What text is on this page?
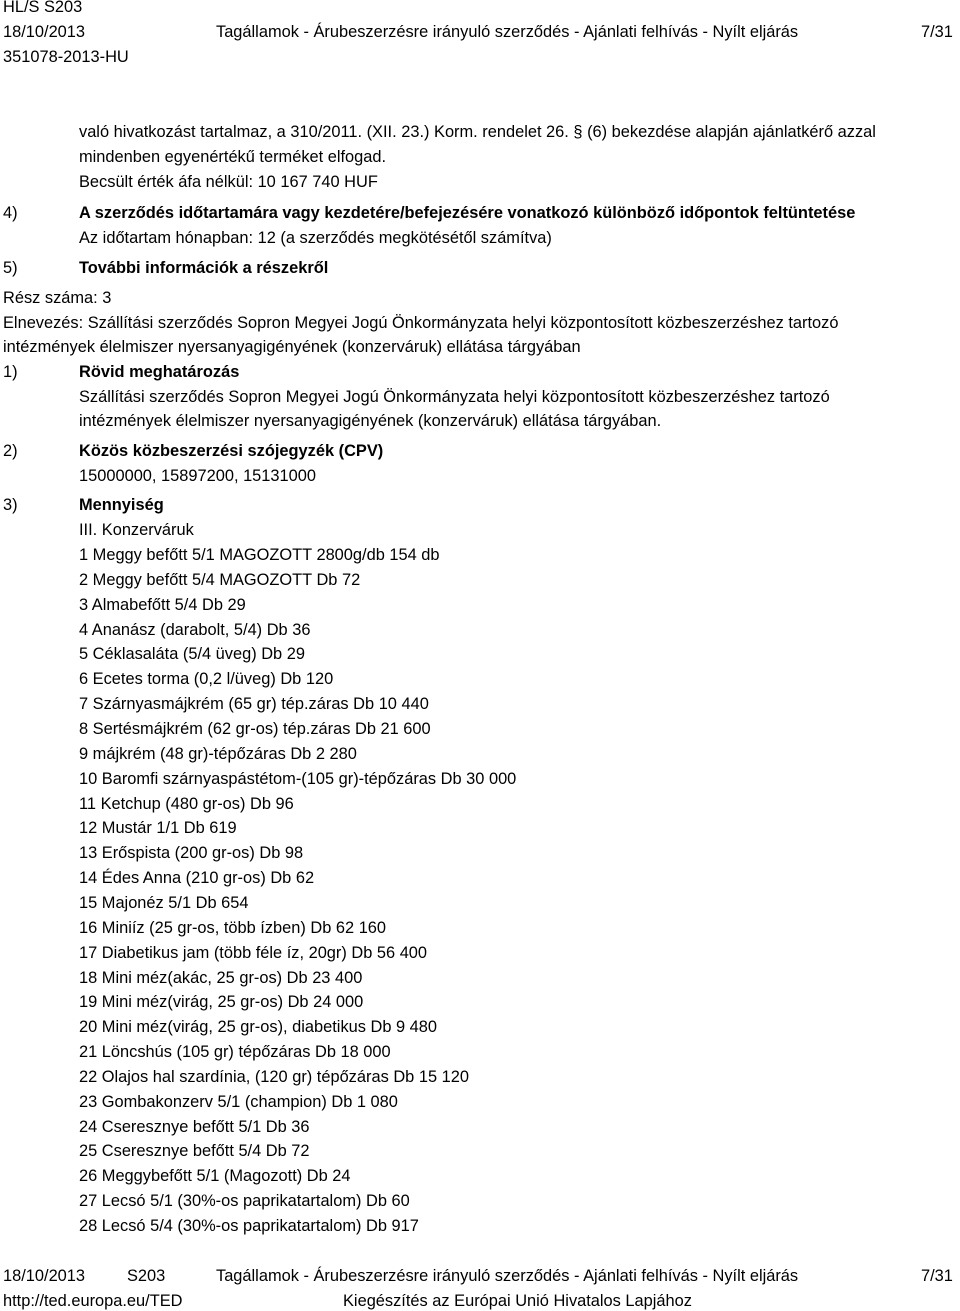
HL/S S203
18/10/2013	Tagállamok - Árubeszerzésre irányuló szerződés - Ajánlati felhívás - Nyílt eljárás	7/31
351078-2013-HU
való hivatkozást tartalmaz, a 310/2011. (XII. 23.) Korm. rendelet 26. § (6) bekezdése alapján ajánlatkérő azzal
mindenben egyenértékű terméket elfogad.
Becsült érték áfa nélkül: 10 167 740 HUF
4)	A szerződés időtartamára vagy kezdetére/befejezésére vonatkozó különböző időpontok feltüntetése
Az időtartam hónapban: 12 (a szerződés megkötésétől számítva)
5)	További információk a részekről
Rész száma: 3
Elnevezés: Szállítási szerződés Sopron Megyei Jogú Önkormányzata helyi központosított közbeszerzéshez tartozó
intézmények élelmiszer nyersanyagigényének (konzerváruk) ellátása tárgyában
1)	Rövid meghatározás
Szállítási szerződés Sopron Megyei Jogú Önkormányzata helyi központosított közbeszerzéshez tartozó
intézmények élelmiszer nyersanyagigényének (konzerváruk) ellátása tárgyában.
2)	Közös közbeszerzési szójegyzék (CPV)
15000000, 15897200, 15131000
3)	Mennyiség
III. Konzerváruk
1 Meggy befőtt 5/1 MAGOZOTT 2800g/db 154 db
2 Meggy befőtt 5/4 MAGOZOTT Db 72
3 Almabefőtt 5/4 Db 29
4 Ananász (darabolt, 5/4) Db 36
5 Céklasaláta (5/4 üveg) Db 29
6 Ecetes torma (0,2 l/üveg) Db 120
7 Szárnyasmájkrém (65 gr) tép.záras Db 10 440
8 Sertésmájkrém (62 gr-os) tép.záras Db 21 600
9 májkrém (48 gr)-tépőzáras Db 2 280
10 Baromfi szárnyaspástétom-(105 gr)-tépőzáras Db 30 000
11 Ketchup (480 gr-os) Db 96
12 Mustár 1/1 Db 619
13 Erőspista (200 gr-os) Db 98
14 Édes Anna (210 gr-os) Db 62
15 Majonéz 5/1 Db 654
16 Miniíz (25 gr-os, több ízben) Db 62 160
17 Diabetikus jam (több féle íz, 20gr) Db 56 400
18 Mini méz(akác, 25 gr-os) Db 23 400
19 Mini méz(virág, 25 gr-os) Db 24 000
20 Mini méz(virág, 25 gr-os), diabetikus Db 9 480
21 Löncshús (105 gr) tépőzáras Db 18 000
22 Olajos hal szardínia, (120 gr) tépőzáras Db 15 120
23 Gombakonzerv 5/1 (champion) Db 1 080
24 Cseresznye befőtt 5/1 Db 36
25 Cseresznye befőtt 5/4 Db 72
26 Meggybefőtt 5/1 (Magozott) Db 24
27 Lecsó 5/1 (30%-os paprikatartalom) Db 60
28 Lecsó 5/4 (30%-os paprikatartalom) Db 917
18/10/2013	S203	Tagállamok - Árubeszerzésre irányuló szerződés - Ajánlati felhívás - Nyílt eljárás	7/31
http://ted.europa.eu/TED	Kiegészítés az Európai Unió Hivatalos Lapjához
